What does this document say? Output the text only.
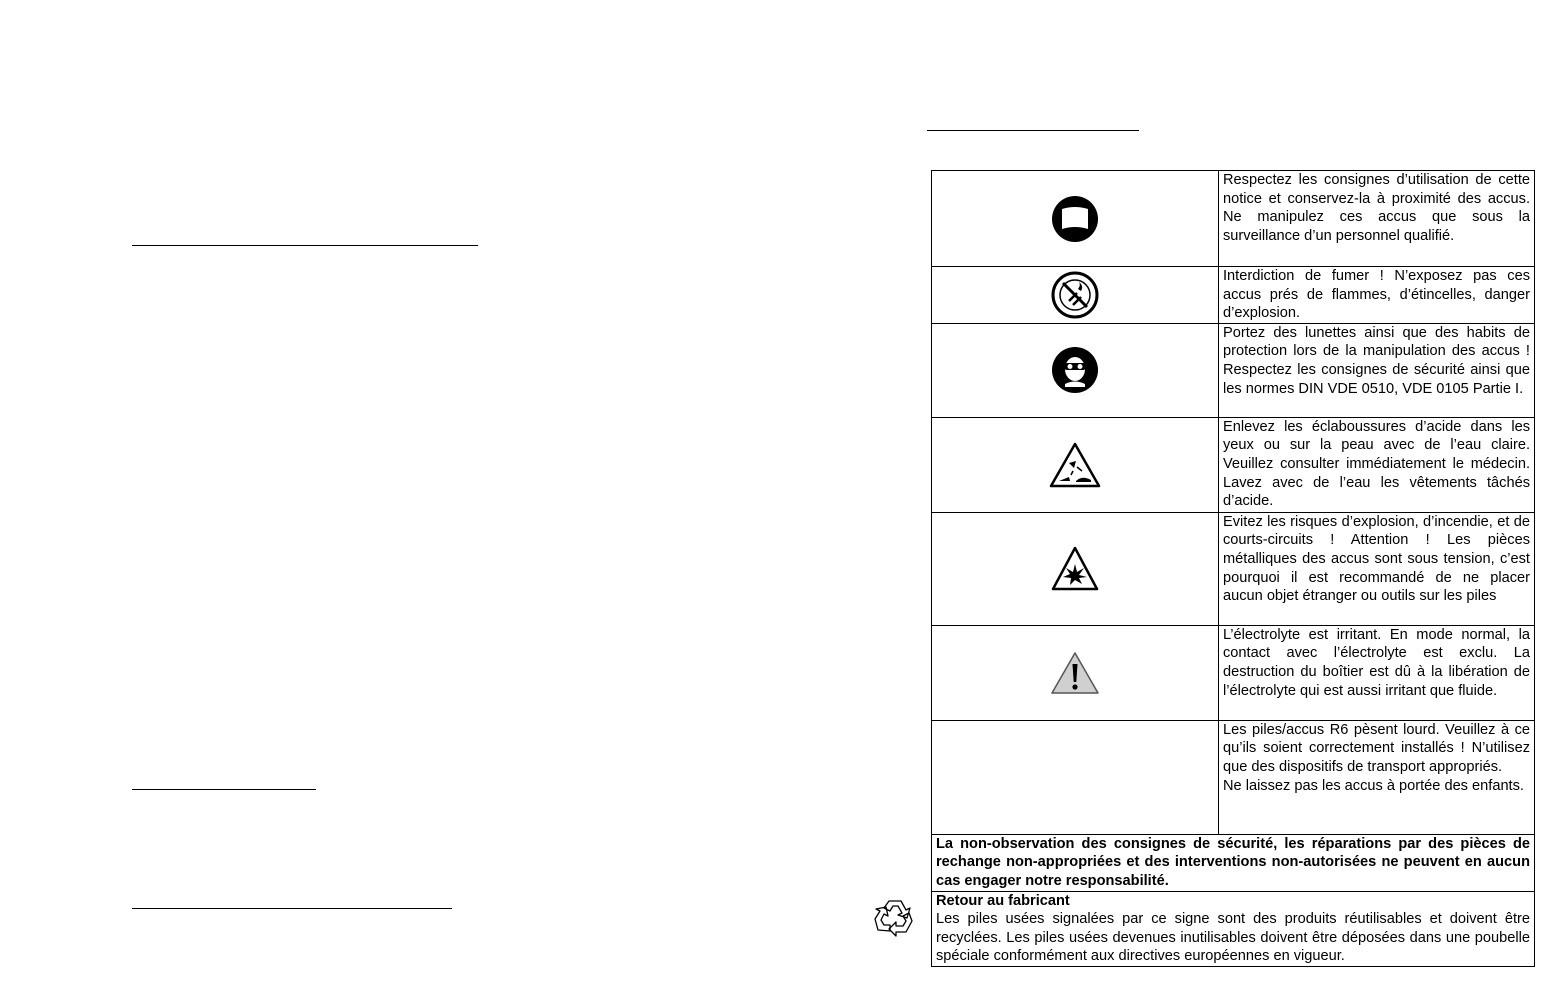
	Respectez les consignes d’utilisation de cette notice et conservez-la à proximité des accus. Ne manipulez ces accus que sous la surveillance d’un personnel qualifié.

	Interdiction de fumer ! N’exposez pas ces accus prés de flammes, d’étincelles, danger d’explosion.

	Portez des lunettes ainsi que des habits de protection lors de la manipulation des accus ! Respectez les consignes de sécurité ainsi que les normes DIN VDE 0510, VDE 0105 Partie I.

	Enlevez les éclaboussures d’acide dans les yeux ou sur la peau avec de l’eau claire. Veuillez consulter immédiatement le médecin. Lavez avec de l’eau les vêtements tâchés d’acide.

	Evitez les risques d’explosion, d’incendie, et de courts-circuits ! Attention ! Les pièces métalliques des accus sont sous tension, c’est pourquoi il est recommandé de ne placer aucun objet étranger ou outils sur les piles

	L’électrolyte est irritant. En mode normal, la contact avec l’électrolyte est exclu. La destruction du boîtier est dû à la libération de l’électrolyte qui est aussi irritant que fluide.

	Les piles/accus R6 pèsent lourd. Veuillez à ce qu’ils soient correctement installés ! N’utilisez que des dispositifs de transport appropriés.

Ne laissez pas les accus à portée des enfants.

La non-observation des consignes de sécurité, les réparations par des pièces de rechange non-appropriées et des interventions non-autorisées ne peuvent en aucun cas engager notre responsabilité.	

Retour au fabricant
Les piles usées signalées par ce signe sont des produits réutilisables et doivent être recyclées. Les piles usées devenues inutilisables doivent être déposées dans une poubelle spéciale conformément aux directives européennes en vigueur.	
